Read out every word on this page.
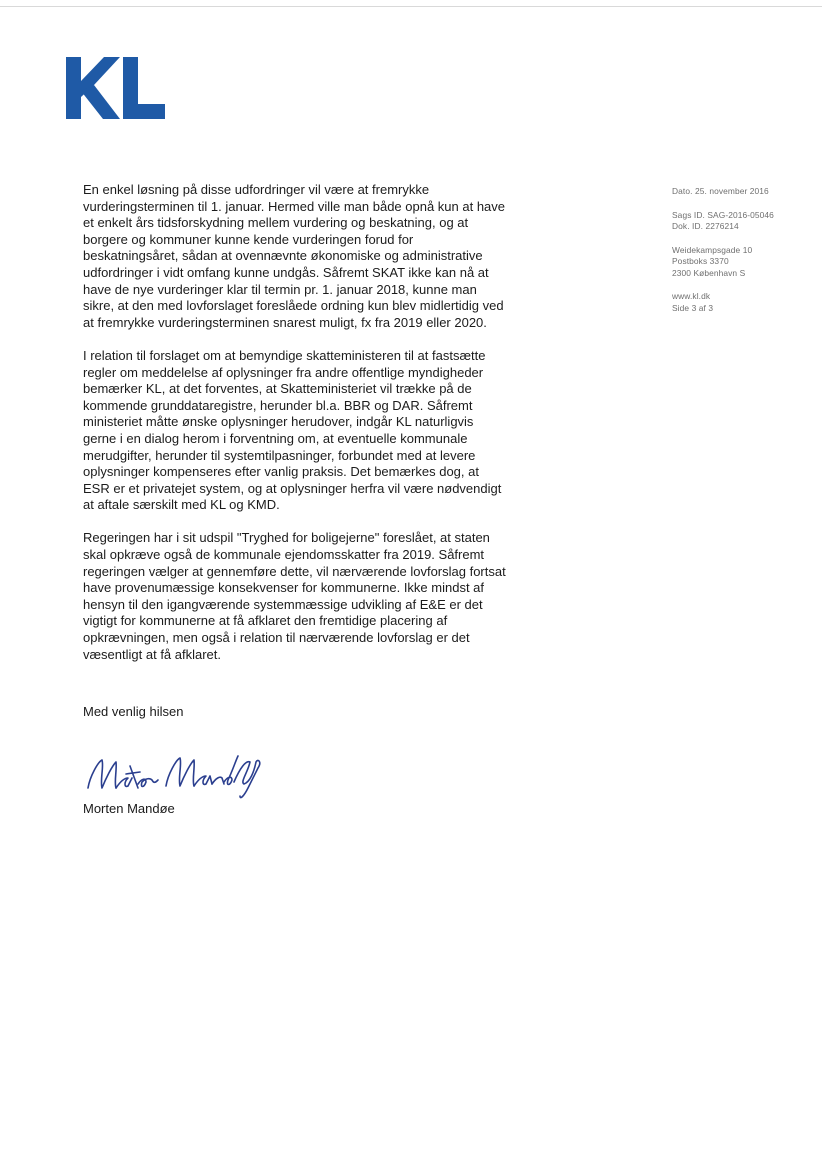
Dato. 25. november 2016
Sags ID. SAG-2016-05046
Dok. ID. 2276214
Weidekampsgade 10
Postboks 3370
2300 København S
www.kl.dk
Side 3 af 3
En enkel løsning på disse udfordringer vil være at fremrykke
vurderingsterminen til 1. januar. Hermed ville man både opnå kun at have
et enkelt års tidsforskydning mellem vurdering og beskatning, og at
borgere og kommuner kunne kende vurderingen forud for
beskatningsåret, sådan at ovennævnte økonomiske og administrative
udfordringer i vidt omfang kunne undgås. Såfremt SKAT ikke kan nå at
have de nye vurderinger klar til termin pr. 1. januar 2018, kunne man
sikre, at den med lovforslaget foreslåede ordning kun blev midlertidig ved
at fremrykke vurderingsterminen snarest muligt, fx fra 2019 eller 2020.
I relation til forslaget om at bemyndige skatteministeren til at fastsætte
regler om meddelelse af oplysninger fra andre offentlige myndigheder
bemærker KL, at det forventes, at Skatteministeriet vil trække på de
kommende grunddataregistre, herunder bl.a. BBR og DAR. Såfremt
ministeriet måtte ønske oplysninger herudover, indgår KL naturligvis
gerne i en dialog herom i forventning om, at eventuelle kommunale
merudgifter, herunder til systemtilpasninger, forbundet med at levere
oplysninger kompenseres efter vanlig praksis. Det bemærkes dog, at
ESR er et privatejet system, og at oplysninger herfra vil være nødvendigt
at aftale særskilt med KL og KMD.
Regeringen har i sit udspil "Tryghed for boligejerne" foreslået, at staten
skal opkræve også de kommunale ejendomsskatter fra 2019. Såfremt
regeringen vælger at gennemføre dette, vil nærværende lovforslag fortsat
have provenumæssige konsekvenser for kommunerne. Ikke mindst af
hensyn til den igangværende systemmæssige udvikling af E&E er det
vigtigt for kommunerne at få afklaret den fremtidige placering af
opkrævningen, men også i relation til nærværende lovforslag er det
væsentligt at få afklaret.
Med venlig hilsen
Morten Mandøe
